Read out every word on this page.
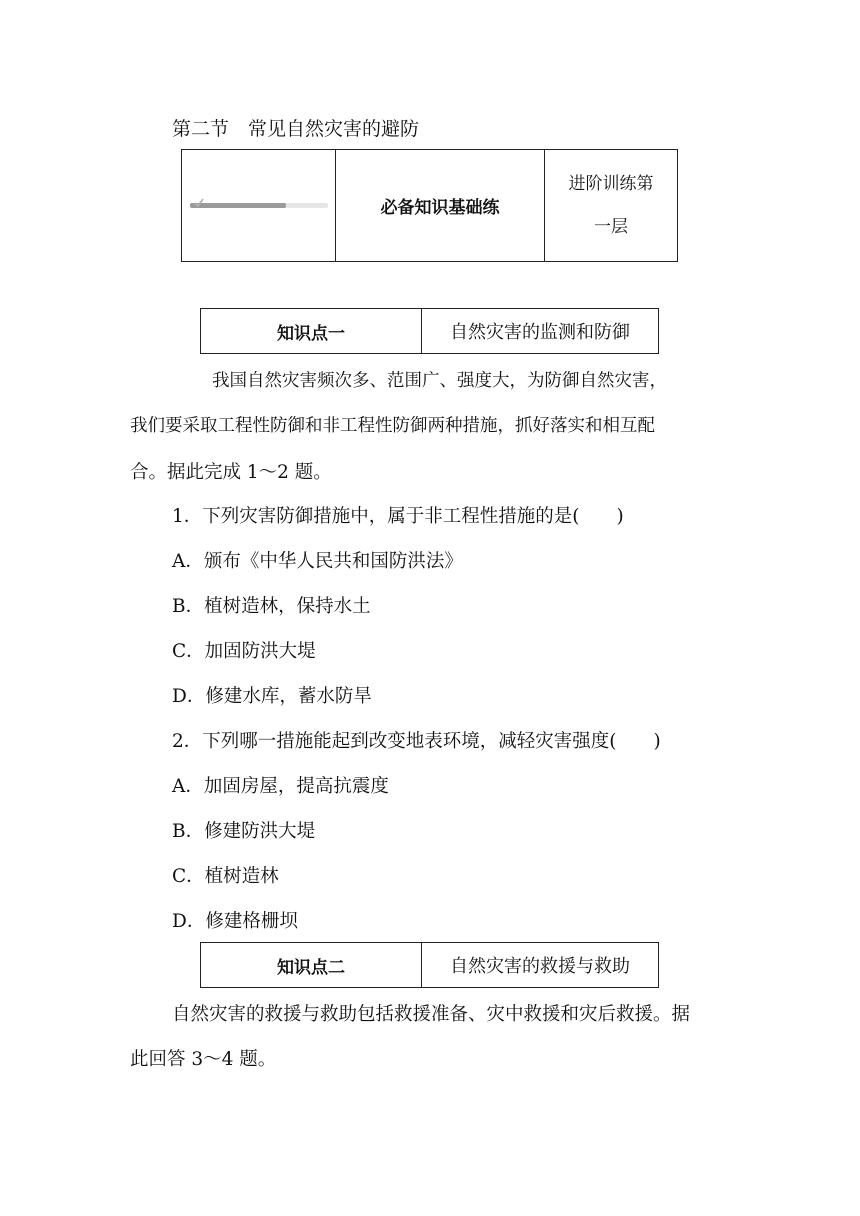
第二节　常见自然灾害的避防
必备知识基础练
进阶训练第
一层
知识点一	自然灾害的监测和防御
我国自然灾害频次多、范围广、强度大，为防御自然灾害，
我们要采取工程性防御和非工程性防御两种措施，抓好落实和相互配
合。据此完成 1～2 题。
1．下列灾害防御措施中，属于非工程性措施的是(　　)
A．颁布《中华人民共和国防洪法》
B．植树造林，保持水土
C．加固防洪大堤
D．修建水库，蓄水防旱
2．下列哪一措施能起到改变地表环境，减轻灾害强度(　　)
A．加固房屋，提高抗震度
B．修建防洪大堤
C．植树造林
D．修建格栅坝
知识点二	自然灾害的救援与救助
自然灾害的救援与救助包括救援准备、灾中救援和灾后救援。据
此回答 3～4 题。
